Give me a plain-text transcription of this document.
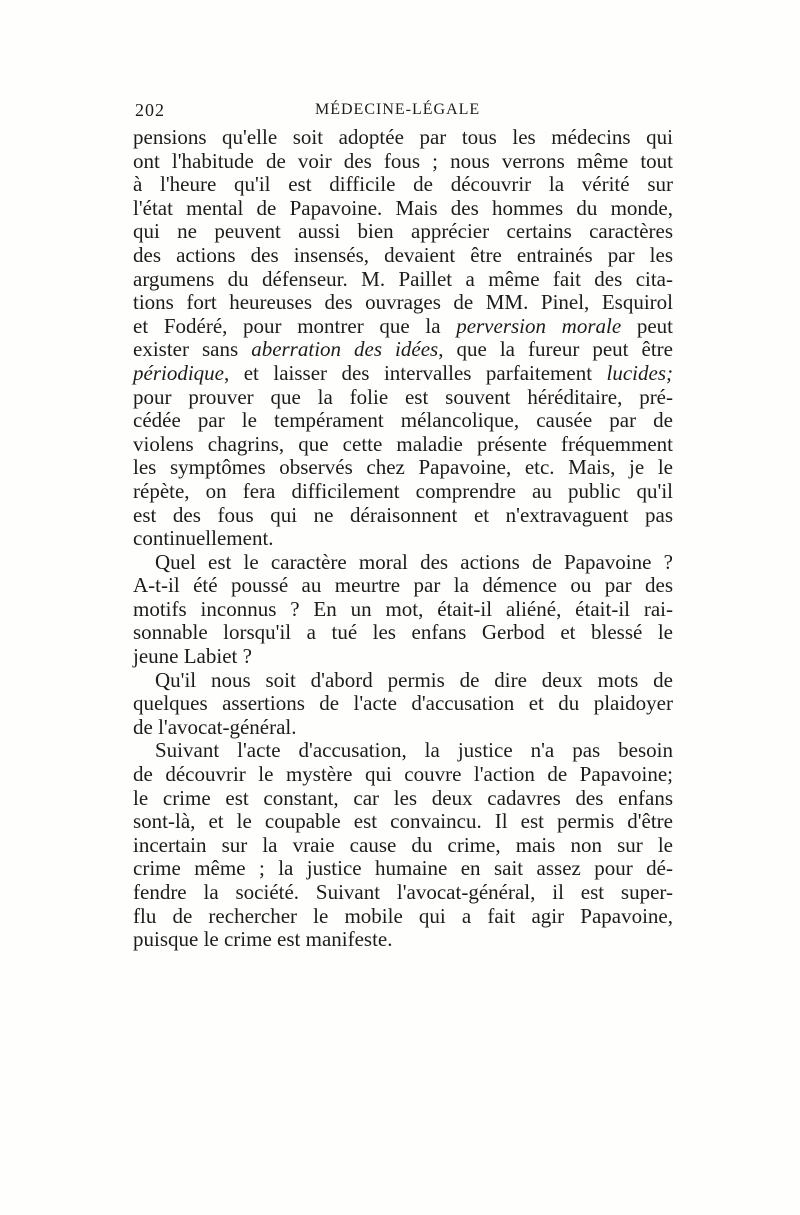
202	MÉDECINE-LÉGALE
pensions qu'elle soit adoptée par tous les médecins qui
ont l'habitude de voir des fous ; nous verrons même tout
à l'heure qu'il est difficile de découvrir la vérité sur
l'état mental de Papavoine. Mais des hommes du monde,
qui ne peuvent aussi bien apprécier certains caractères
des actions des insensés, devaient être entrainés par les
argumens du défenseur. M. Paillet a même fait des cita-
tions fort heureuses des ouvrages de MM. Pinel, Esquirol
et Fodéré, pour montrer que la perversion morale peut
exister sans aberration des idées, que la fureur peut être
périodique, et laisser des intervalles parfaitement lucides;
pour prouver que la folie est souvent héréditaire, pré-
cédée par le tempérament mélancolique, causée par de
violens chagrins, que cette maladie présente fréquemment
les symptômes observés chez Papavoine, etc. Mais, je le
répète, on fera difficilement comprendre au public qu'il
est des fous qui ne déraisonnent et n'extravaguent pas
continuellement.
Quel est le caractère moral des actions de Papavoine ?
A-t-il été poussé au meurtre par la démence ou par des
motifs inconnus ? En un mot, était-il aliéné, était-il rai-
sonnable lorsqu'il a tué les enfans Gerbod et blessé le
jeune Labiet ?
Qu'il nous soit d'abord permis de dire deux mots de
quelques assertions de l'acte d'accusation et du plaidoyer
de l'avocat-général.
Suivant l'acte d'accusation, la justice n'a pas besoin
de découvrir le mystère qui couvre l'action de Papavoine;
le crime est constant, car les deux cadavres des enfans
sont-là, et le coupable est convaincu. Il est permis d'être
incertain sur la vraie cause du crime, mais non sur le
crime même ; la justice humaine en sait assez pour dé-
fendre la société. Suivant l'avocat-général, il est super-
flu de rechercher le mobile qui a fait agir Papavoine,
puisque le crime est manifeste.
